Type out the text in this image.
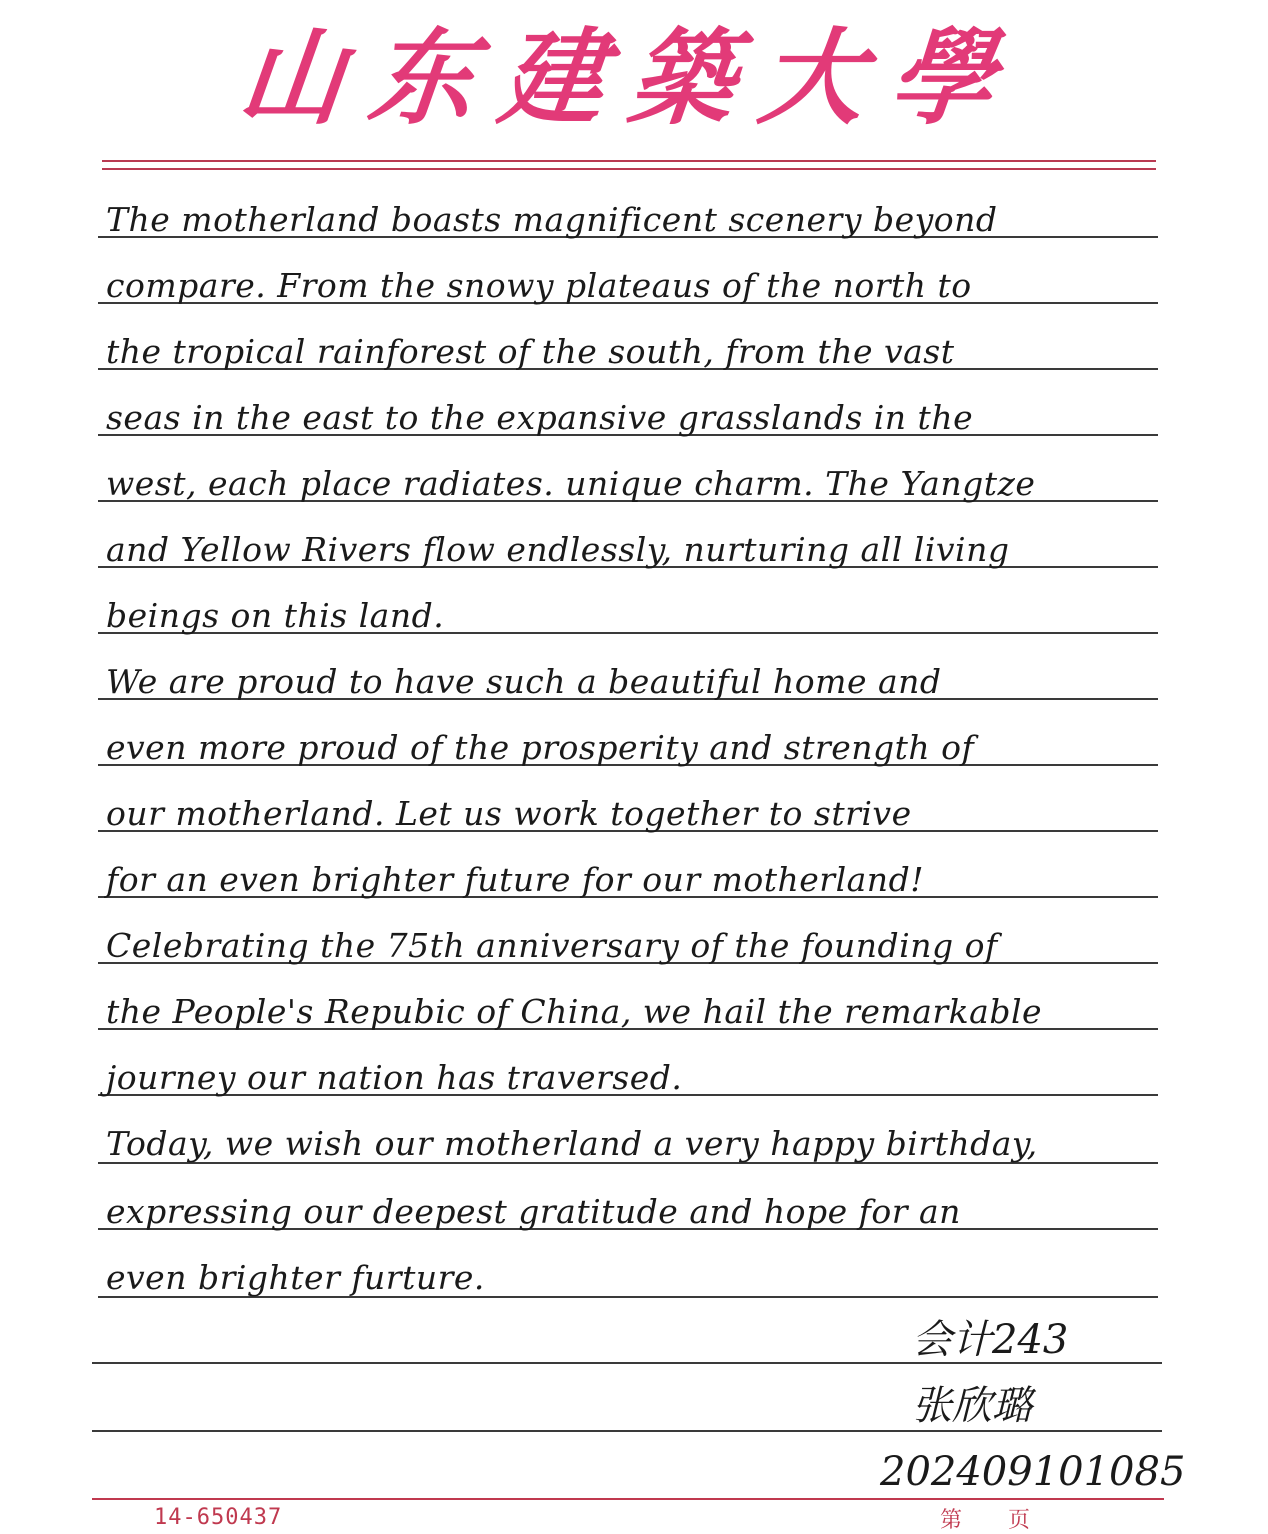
山东建築大學
The motherland boasts magnificent scenery beyond
compare. From the snowy plateaus of the north to
the tropical rainforest of the south, from the vast
seas in the east to the expansive grasslands in the
west, each place radiates. unique charm. The Yangtze
and Yellow Rivers flow endlessly, nurturing all living
beings on this land.
We are proud to have such a beautiful home and
even more proud of the prosperity and strength of
our motherland. Let us work together to strive
for an even brighter future for our motherland!
Celebrating the 75th anniversary of the founding of
the People's Repubic of China, we hail the remarkable
journey our nation has traversed.
Today, we wish our motherland a very happy birthday,
expressing our deepest gratitude and hope for an
even brighter furture.
会计243
张欣璐
202409101085
14-650437	第页
